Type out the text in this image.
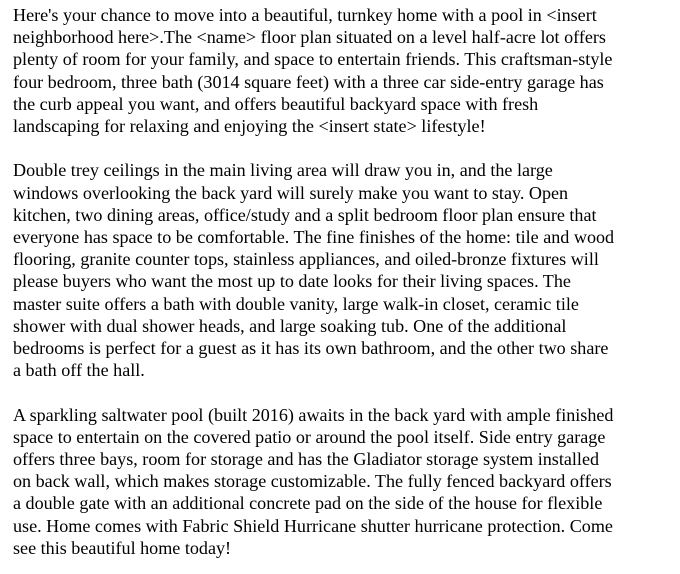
Here's your chance to move into a beautiful, turnkey home with a pool in <insert
neighborhood here>.The <name> floor plan situated on a level half-acre lot offers
plenty of room for your family, and space to entertain friends. This craftsman-style
four bedroom, three bath (3014 square feet) with a three car side-entry garage has
the curb appeal you want, and offers beautiful backyard space with fresh
landscaping for relaxing and enjoying the <insert state> lifestyle!
Double trey ceilings in the main living area will draw you in, and the large
windows overlooking the back yard will surely make you want to stay. Open
kitchen, two dining areas, office/study and a split bedroom floor plan ensure that
everyone has space to be comfortable. The fine finishes of the home: tile and wood
flooring, granite counter tops, stainless appliances, and oiled-bronze fixtures will
please buyers who want the most up to date looks for their living spaces. The
master suite offers a bath with double vanity, large walk-in closet, ceramic tile
shower with dual shower heads, and large soaking tub. One of the additional
bedrooms is perfect for a guest as it has its own bathroom, and the other two share
a bath off the hall.
A sparkling saltwater pool (built 2016) awaits in the back yard with ample finished
space to entertain on the covered patio or around the pool itself. Side entry garage
offers three bays, room for storage and has the Gladiator storage system installed
on back wall, which makes storage customizable. The fully fenced backyard offers
a double gate with an additional concrete pad on the side of the house for flexible
use. Home comes with Fabric Shield Hurricane shutter hurricane protection. Come
see this beautiful home today!
